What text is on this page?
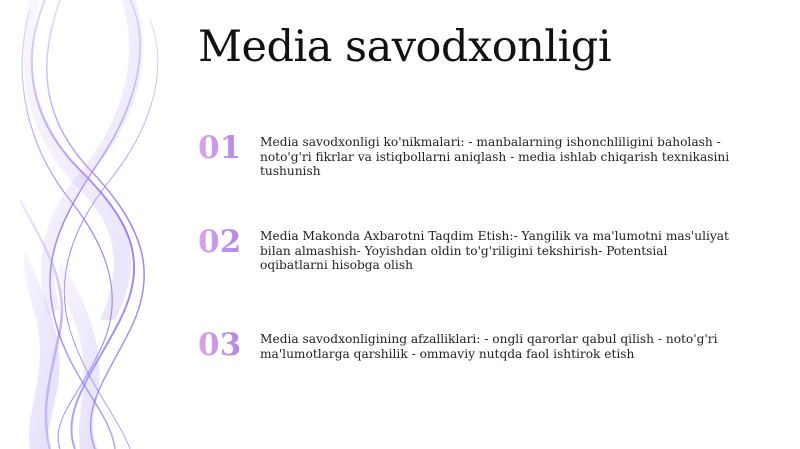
Media savodxonligi
01 Media savodxonligi ko'nikmalari: - manbalarning ishonchliligini baholash - noto'g'ri fikrlar va istiqbollarni aniqlash - media ishlab chiqarish texnikasini tushunish
02 Media Makonda Axbarotni Taqdim Etish:- Yangilik va ma'lumotni mas'uliyat bilan almashish- Yoyishdan oldin to'g'riligini tekshirish- Potentsial oqibatlarni hisobga olish
03 Media savodxonligining afzalliklari: - ongli qarorlar qabul qilish - noto'g'ri ma'lumotlarga qarshilik - ommaviy nutqda faol ishtirok etish
